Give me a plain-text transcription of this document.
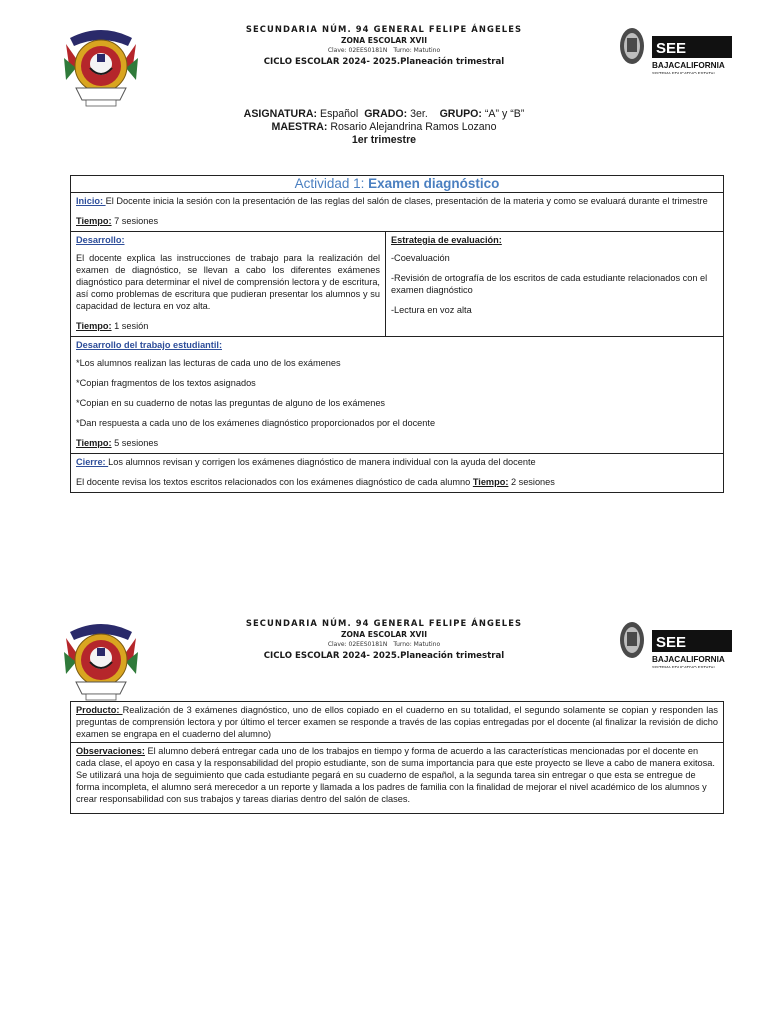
SECUNDARIA NÚM. 94 GENERAL FELIPE ÁNGELES
ZONA ESCOLAR XVII
Clave: 02EES0181N Turno: Matutino
CICLO ESCOLAR 2024- 2025.Planeación trimestral
SEE
BAJACALIFORNIA
SISTEMA EDUCATIVO ESTATAL
ASIGNATURA: Español GRADO: 3er. GRUPO: “A” y “B”
MAESTRA: Rosario Alejandrina Ramos Lozano
1er trimestre
Actividad 1: Examen diagnóstico

Inicio: El Docente inicia la sesión con la presentación de las reglas del salón de clases, presentación de la materia y como se evaluará durante el trimestre

Tiempo: 7 sesiones

Desarrollo:

El docente explica las instrucciones de trabajo para la realización del examen de diagnóstico, se llevan a cabo los diferentes exámenes diagnóstico para determinar el nivel de comprensión lectora y de escritura, así como problemas de escritura que pudieran presentar los alumnos y su capacidad de lectura en voz alta.

Tiempo: 1 sesión

Estrategia de evaluación:

-Coevaluación

-Revisión de ortografía de los escritos de cada estudiante relacionados con el examen diagnóstico

-Lectura en voz alta

Desarrollo del trabajo estudiantil:

*Los alumnos realizan las lecturas de cada uno de los exámenes

*Copian fragmentos de los textos asignados

*Copian en su cuaderno de notas las preguntas de alguno de los exámenes

*Dan respuesta a cada uno de los exámenes diagnóstico proporcionados por el docente

Tiempo: 5 sesiones

Cierre: Los alumnos revisan y corrigen los exámenes diagnóstico de manera individual con la ayuda del docente

El docente revisa los textos escritos relacionados con los exámenes diagnóstico de cada alumno Tiempo: 2 sesiones

SECUNDARIA NÚM. 94 GENERAL FELIPE ÁNGELES
ZONA ESCOLAR XVII
Clave: 02EES0181N Turno: Matutino
CICLO ESCOLAR 2024- 2025.Planeación trimestral
SEE
BAJACALIFORNIA
SISTEMA EDUCATIVO ESTATAL
Producto: Realización de 3 exámenes diagnóstico, uno de ellos copiado en el cuaderno en su totalidad, el segundo solamente se copian y responden las preguntas de comprensión lectora y por último el tercer examen se responde a través de las copias entregadas por el docente (al finalizar la revisión de dicho examen se engrapa en el cuaderno del alumno)
Observaciones: El alumno deberá entregar cada uno de los trabajos en tiempo y forma de acuerdo a las características mencionadas por el docente en cada clase, el apoyo en casa y la responsabilidad del propio estudiante, son de suma importancia para que este proyecto se lleve a cabo de manera exitosa. Se utilizará una hoja de seguimiento que cada estudiante pegará en su cuaderno de español, a la segunda tarea sin entregar o que esta se entregue de forma incompleta, el alumno será merecedor a un reporte y llamada a los padres de familia con la finalidad de mejorar el nivel académico de los alumnos y crear responsabilidad con sus trabajos y tareas diarias dentro del salón de clases.
